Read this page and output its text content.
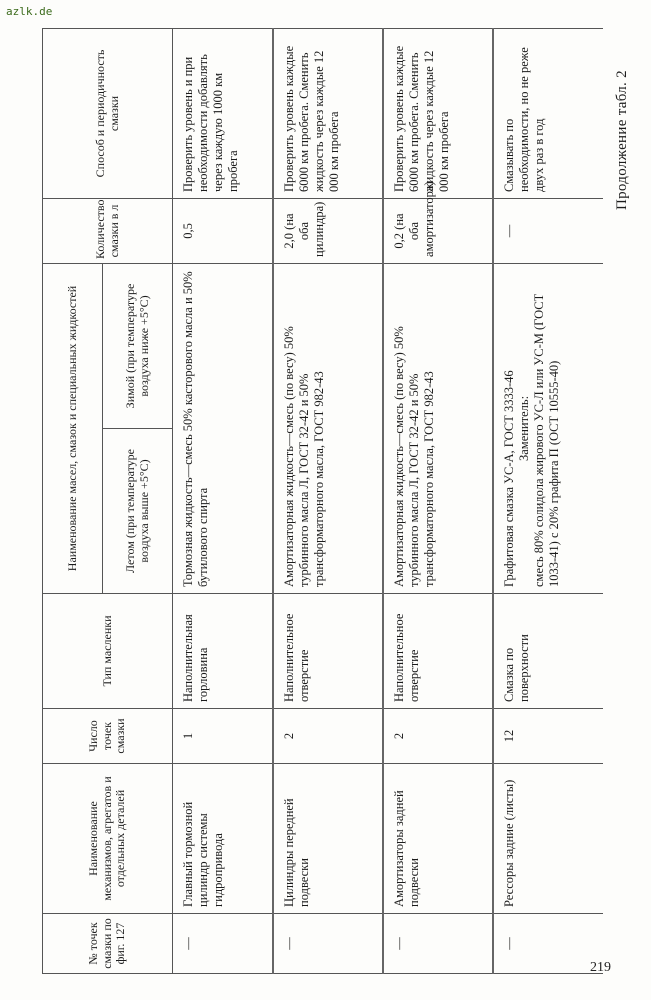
azlk.de
Продолжение табл. 2
№ точек смазки по фиг. 127	Наименование механизмов, агрегатов и отдельных деталей	Число точек смазки	Тип масленки	Наименование масел, смазок и специальных жидкостей		Количество смазки в л	Способ и периодичность смазки
				Летом (при температуре воздуха выше +5°С)	Зимой (при температуре воздуха ниже +5°С)		
—	Главный тормозной цилиндр системы гидропривода	1	Наполнительная горловина	Тормозная жидкость—смесь 50% касторового масла и 50% бутилового спирта		0,5	Проверить уровень и при необходимости добавлять через каждую 1000 км пробега
—	Цилиндры передней подвески	2	Наполнительное отверстие	Амортизаторная жидкость—смесь (по весу) 50% турбинного масла Л, ГОСТ 32-42 и 50% трансформаторного масла, ГОСТ 982-43		2,0 (на оба цилиндра)	Проверить уровень каждые 6000 км пробега. Сменить жидкость через каждые 12 000 км пробега
—	Амортизаторы задней подвески	2	Наполнительное отверстие	Амортизаторная жидкость—смесь (по весу) 50% турбинного масла Л, ГОСТ 32-42 и 50% трансформаторного масла, ГОСТ 982-43		0,2 (на оба амортизатора)	Проверить уровень каждые 6000 км пробега. Сменить жидкость через каждые 12 000 км пробега
—	Рессоры задние (листы)	12	Смазка по поверхности	Графитовая смазка УС-А, ГОСТ 3333-46 Заменитель: смесь 80% солидола жирового УС-Л или УС-М (ГОСТ 1033-41) с 20% графита П (ОСТ 10555-40)		—	Смазывать по необходимости, но не реже двух раз в год
219
